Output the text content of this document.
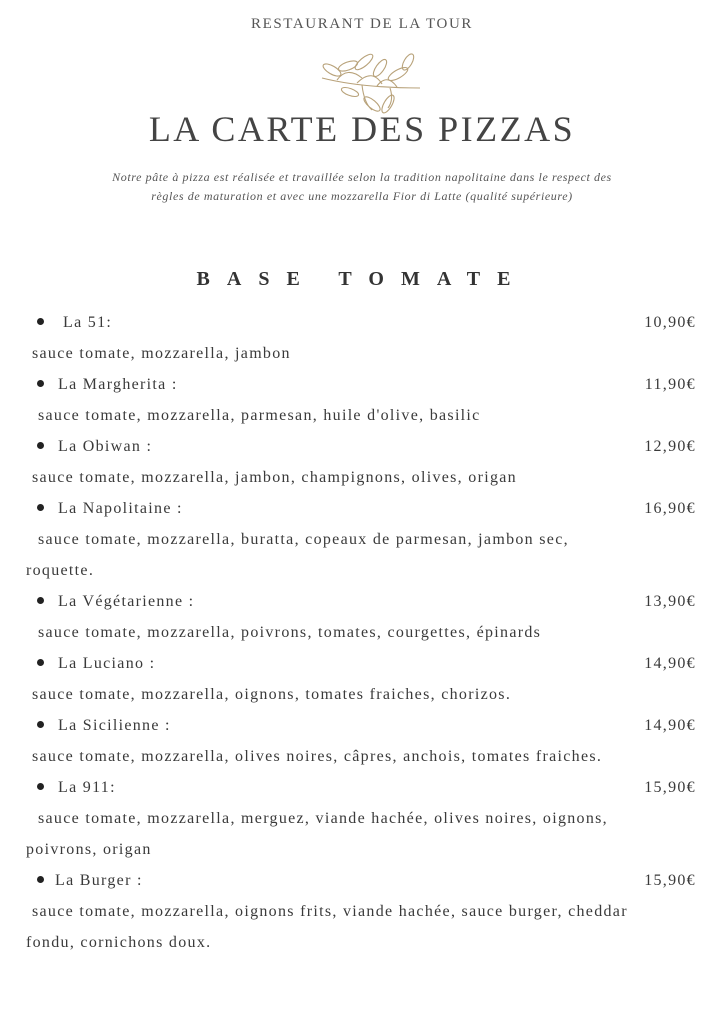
RESTAURANT DE LA TOUR
LA CARTE DES PIZZAS
Notre pâte à pizza est réalisée et travaillée selon la tradition napolitaine dans le respect des
règles de maturation et avec une mozzarella Fior di Latte (qualité supérieure)
BASE TOMATE
La 51:	10,90€
sauce tomate, mozzarella, jambon
La Margherita :	11,90€
sauce tomate, mozzarella, parmesan, huile d'olive, basilic
La Obiwan :	12,90€
sauce tomate, mozzarella, jambon, champignons, olives, origan
La Napolitaine :	16,90€
sauce tomate, mozzarella, buratta, copeaux de parmesan, jambon sec,
roquette.
La Végétarienne :	13,90€
sauce tomate, mozzarella, poivrons, tomates, courgettes, épinards
La Luciano :	14,90€
sauce tomate, mozzarella, oignons, tomates fraiches, chorizos.
La Sicilienne :	14,90€
sauce tomate, mozzarella, olives noires, câpres, anchois, tomates fraiches.
La 911:	15,90€
sauce tomate, mozzarella, merguez, viande hachée, olives noires, oignons,
poivrons, origan
La Burger :	15,90€
sauce tomate, mozzarella, oignons frits, viande hachée, sauce burger, cheddar
fondu, cornichons doux.
